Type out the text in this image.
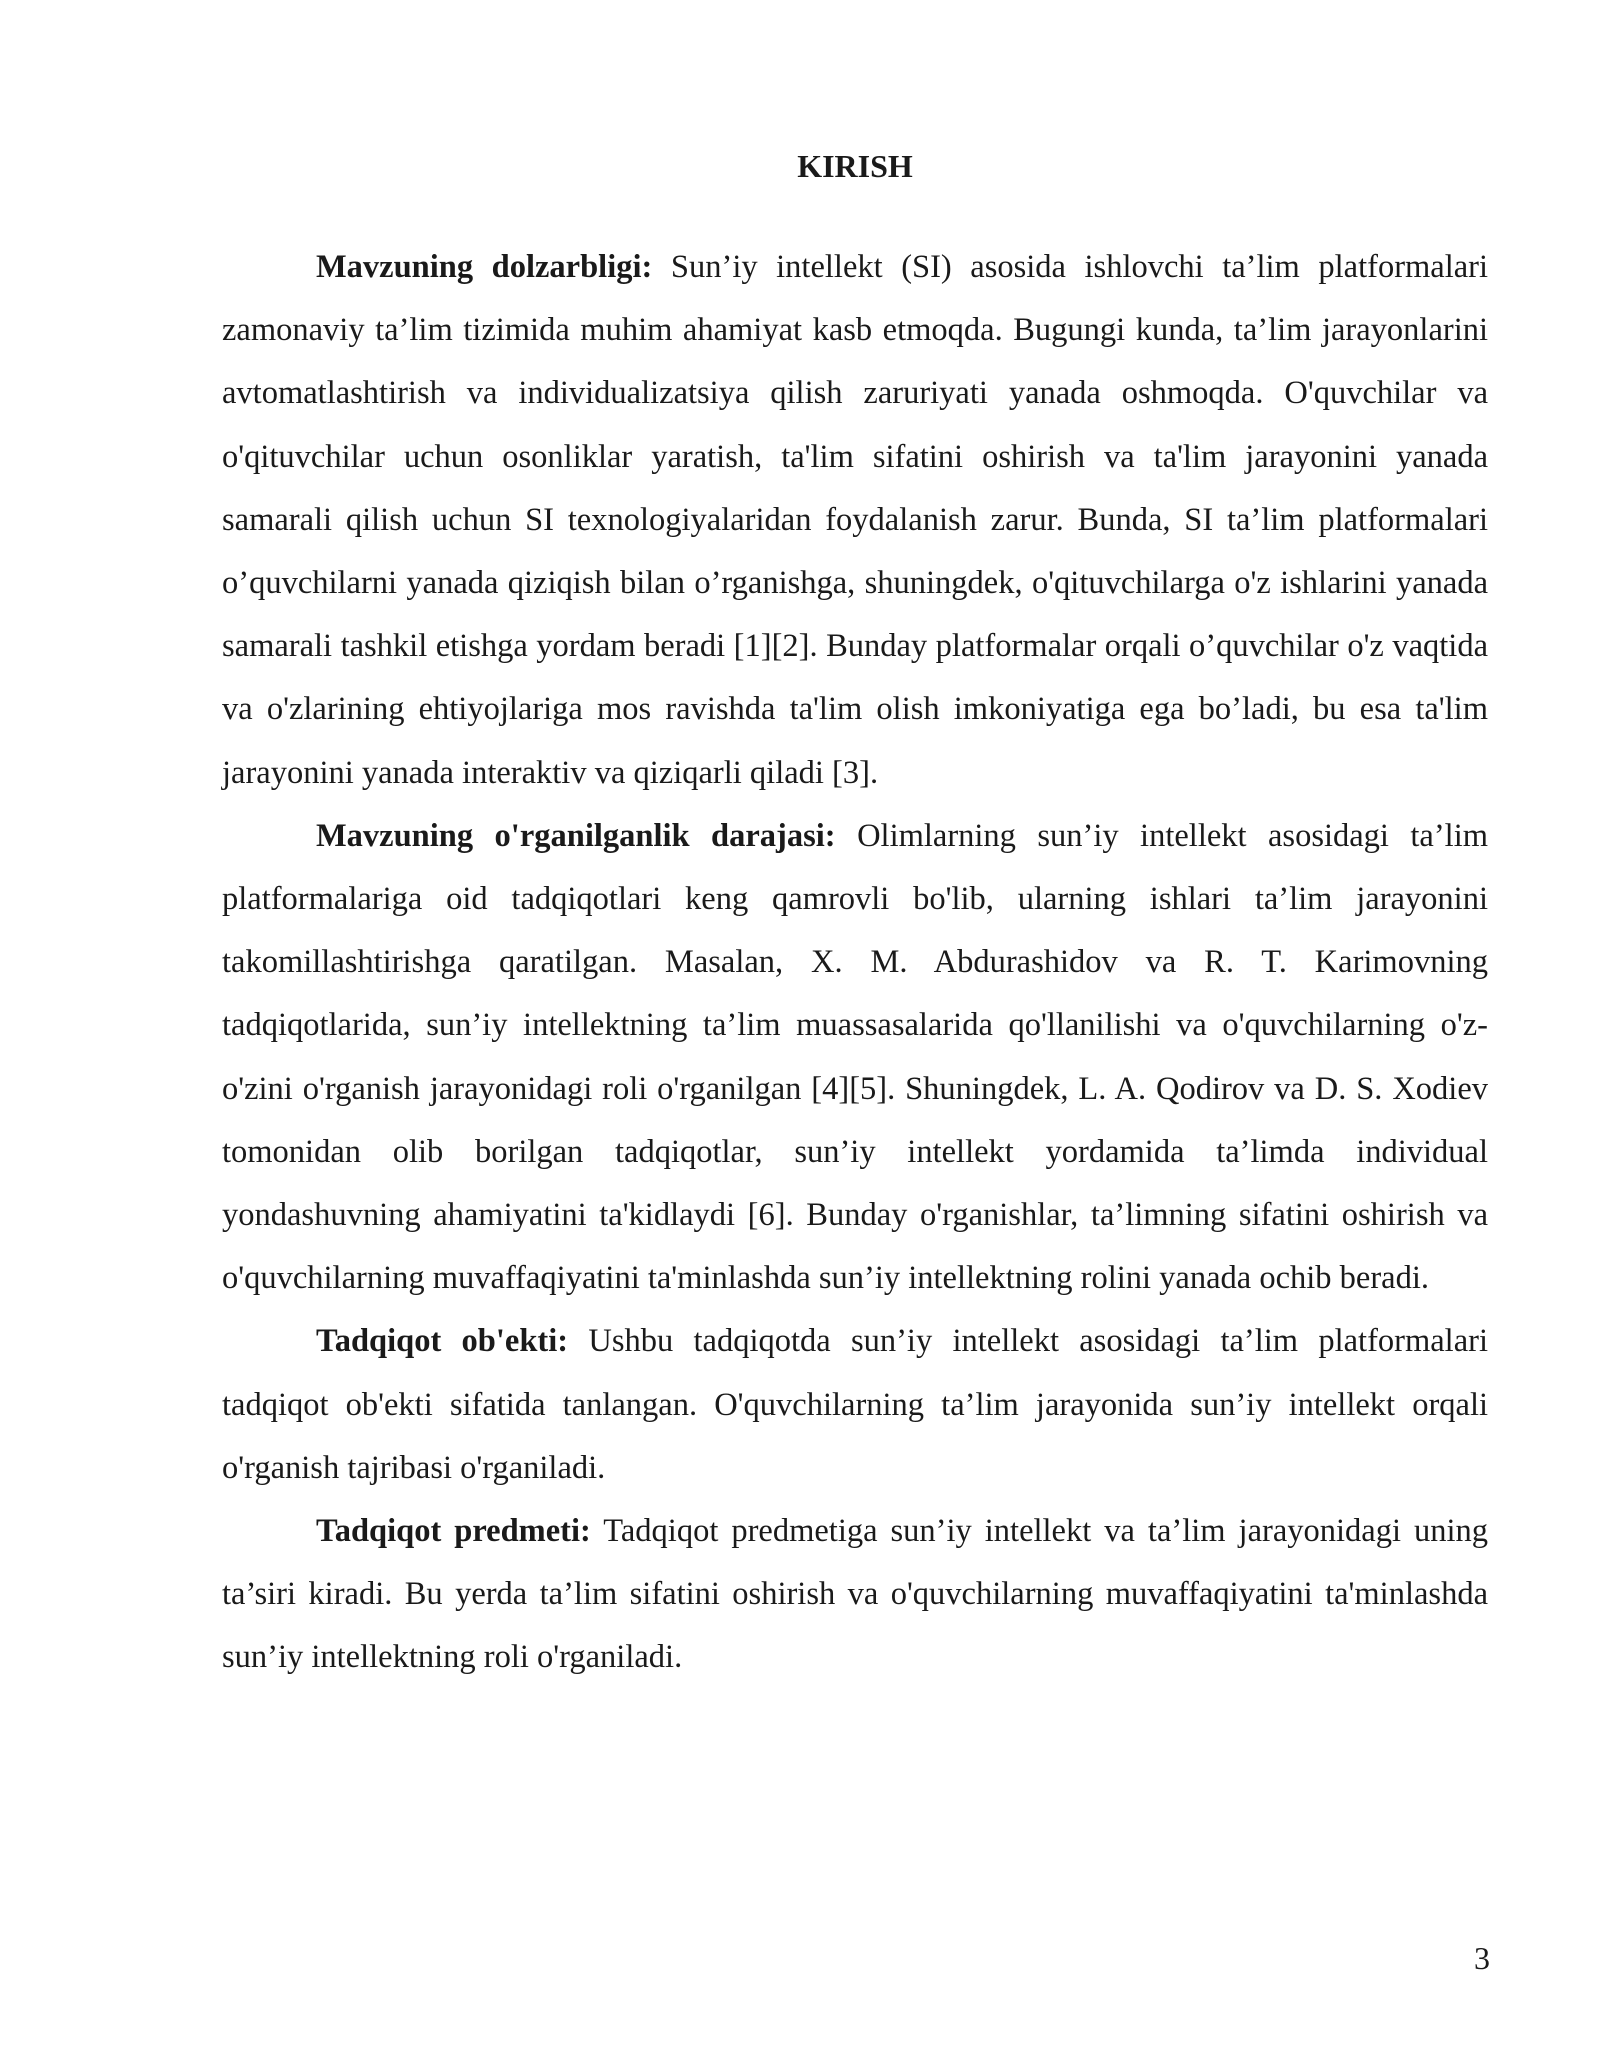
KIRISH

Mavzuning dolzarbligi: Sun’iy intellekt (SI) asosida ishlovchi ta’lim platformalari zamonaviy ta’lim tizimida muhim ahamiyat kasb etmoqda. Bugungi kunda, ta’lim jarayonlarini avtomatlashtirish va individualizatsiya qilish zaruriyati yanada oshmoqda. O'quvchilar va o'qituvchilar uchun osonliklar yaratish, ta'lim sifatini oshirish va ta'lim jarayonini yanada samarali qilish uchun SI texnologiyalaridan foydalanish zarur. Bunda, SI ta’lim platformalari o’quvchilarni yanada qiziqish bilan o’rganishga, shuningdek, o'qituvchilarga o'z ishlarini yanada samarali tashkil etishga yordam beradi [1][2]. Bunday platformalar orqali o’quvchilar o'z vaqtida va o'zlarining ehtiyojlariga mos ravishda ta'lim olish imkoniyatiga ega bo’ladi, bu esa ta'lim jarayonini yanada interaktiv va qiziqarli qiladi [3].

Mavzuning o'rganilganlik darajasi: Olimlarning sun’iy intellekt asosidagi ta’lim platformalariga oid tadqiqotlari keng qamrovli bo'lib, ularning ishlari ta’lim jarayonini takomillashtirishga qaratilgan. Masalan, X. M. Abdurashidov va R. T. Karimovning tadqiqotlarida, sun’iy intellektning ta’lim muassasalarida qo'llanilishi va o'quvchilarning o'z-o'zini o'rganish jarayonidagi roli o'rganilgan [4][5]. Shuningdek, L. A. Qodirov va D. S. Xodiev tomonidan olib borilgan tadqiqotlar, sun’iy intellekt yordamida ta’limda individual yondashuvning ahamiyatini ta'kidlaydi [6]. Bunday o'rganishlar, ta’limning sifatini oshirish va o'quvchilarning muvaffaqiyatini ta'minlashda sun’iy intellektning rolini yanada ochib beradi.

Tadqiqot ob'ekti: Ushbu tadqiqotda sun’iy intellekt asosidagi ta’lim platformalari tadqiqot ob'ekti sifatida tanlangan. O'quvchilarning ta’lim jarayonida sun’iy intellekt orqali o'rganish tajribasi o'rganiladi.

Tadqiqot predmeti: Tadqiqot predmetiga sun’iy intellekt va ta’lim jarayonidagi uning ta’siri kiradi. Bu yerda ta’lim sifatini oshirish va o'quvchilarning muvaffaqiyatini ta'minlashda sun’iy intellektning roli o'rganiladi.

3
